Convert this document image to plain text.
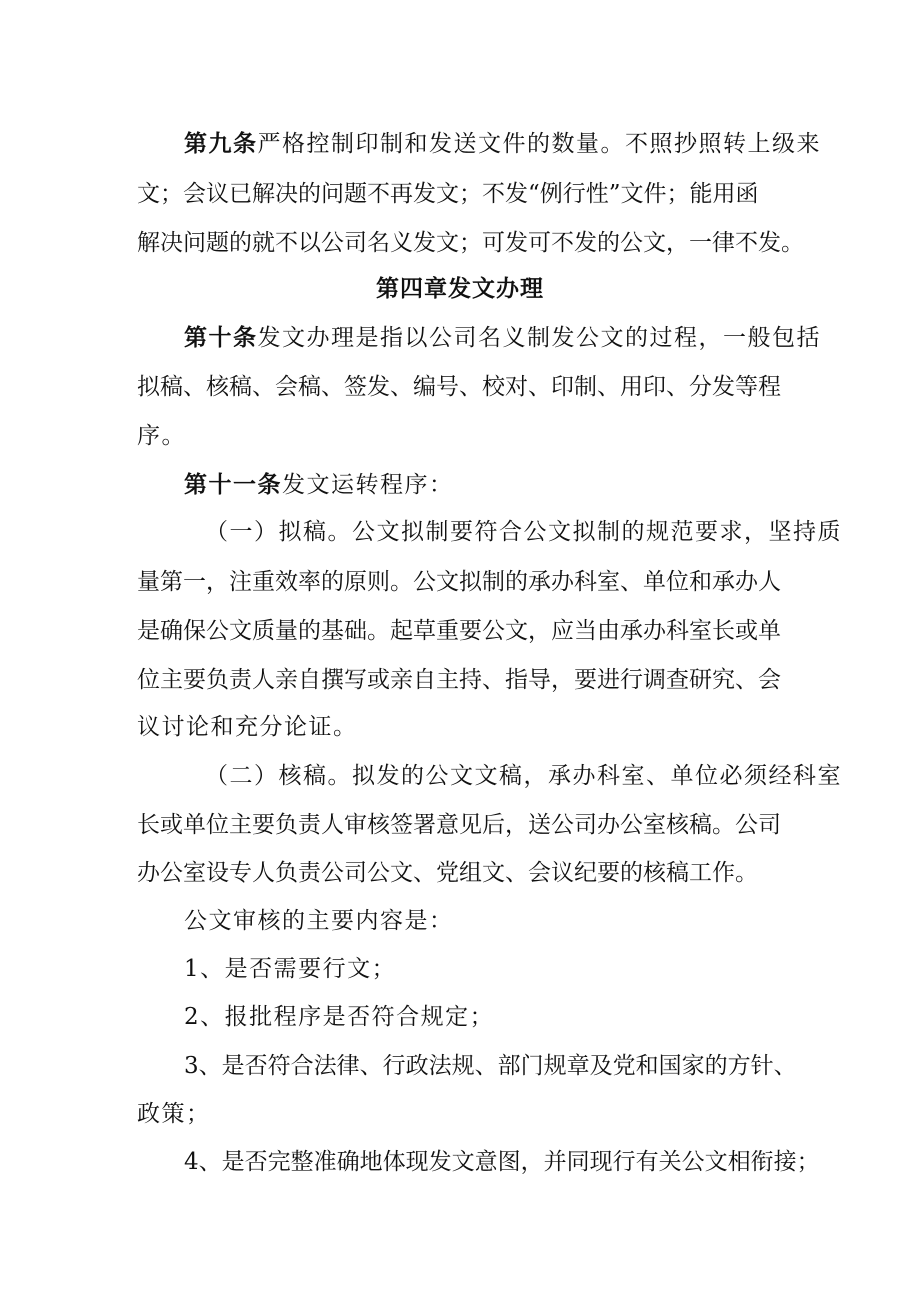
第九条严格控制印制和发送文件的数量。不照抄照转上级来
文；会议已解决的问题不再发文；不发“例行性”文件；能用函
解决问题的就不以公司名义发文；可发可不发的公文，一律不发。
第四章发文办理
第十条发文办理是指以公司名义制发公文的过程，一般包括
拟稿、核稿、会稿、签发、编号、校对、印制、用印、分发等程
序。
第十一条发文运转程序：
（一）拟稿。公文拟制要符合公文拟制的规范要求，坚持质
量第一，注重效率的原则。公文拟制的承办科室、单位和承办人
是确保公文质量的基础。起草重要公文，应当由承办科室长或单
位主要负责人亲自撰写或亲自主持、指导，要进行调查研究、会
议讨论和充分论证。
（二）核稿。拟发的公文文稿，承办科室、单位必须经科室
长或单位主要负责人审核签署意见后，送公司办公室核稿。公司
办公室设专人负责公司公文、党组文、会议纪要的核稿工作。
公文审核的主要内容是：
1、是否需要行文；
2、报批程序是否符合规定；
3、是否符合法律、行政法规、部门规章及党和国家的方针、
政策；
4、是否完整准确地体现发文意图，并同现行有关公文相衔接；
